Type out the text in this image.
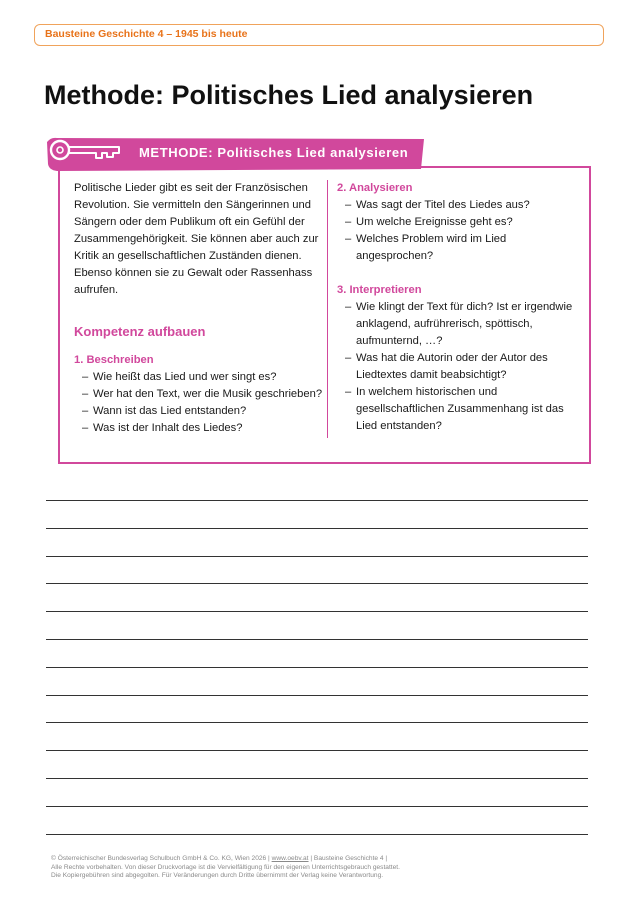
Bausteine Geschichte 4 – 1945 bis heute
Methode: Politisches Lied analysieren
METHODE: Politisches Lied analysieren

Politische Lieder gibt es seit der Französischen Revolution. Sie vermitteln den Sängerinnen und Sängern oder dem Publikum oft ein Gefühl der Zusammengehörigkeit. Sie können aber auch zur Kritik an gesellschaftlichen Zuständen dienen. Ebenso können sie zu Gewalt oder Rassenhass aufrufen.

Kompetenz aufbauen

1. Beschreiben

– Wie heißt das Lied und wer singt es?
– Wer hat den Text, wer die Musik geschrieben?
– Wann ist das Lied entstanden?
– Was ist der Inhalt des Liedes?

2. Analysieren

– Was sagt der Titel des Liedes aus?
– Um welche Ereignisse geht es?
– Welches Problem wird im Lied angesprochen?

3. Interpretieren

– Wie klingt der Text für dich? Ist er irgendwie anklagend, aufrührerisch, spöttisch, aufmunternd, …?
– Was hat die Autorin oder der Autor des Liedtextes damit beabsichtigt?
– In welchem historischen und gesellschaftlichen Zusammenhang ist das Lied entstanden?
© Österreichischer Bundesverlag Schulbuch GmbH & Co. KG, Wien 2026 | www.oebv.at | Bausteine Geschichte 4 |
Alle Rechte vorbehalten. Von dieser Druckvorlage ist die Vervielfältigung für den eigenen Unterrichtsgebrauch gestattet.
Die Kopiergebühren sind abgegolten. Für Veränderungen durch Dritte übernimmt der Verlag keine Verantwortung.
